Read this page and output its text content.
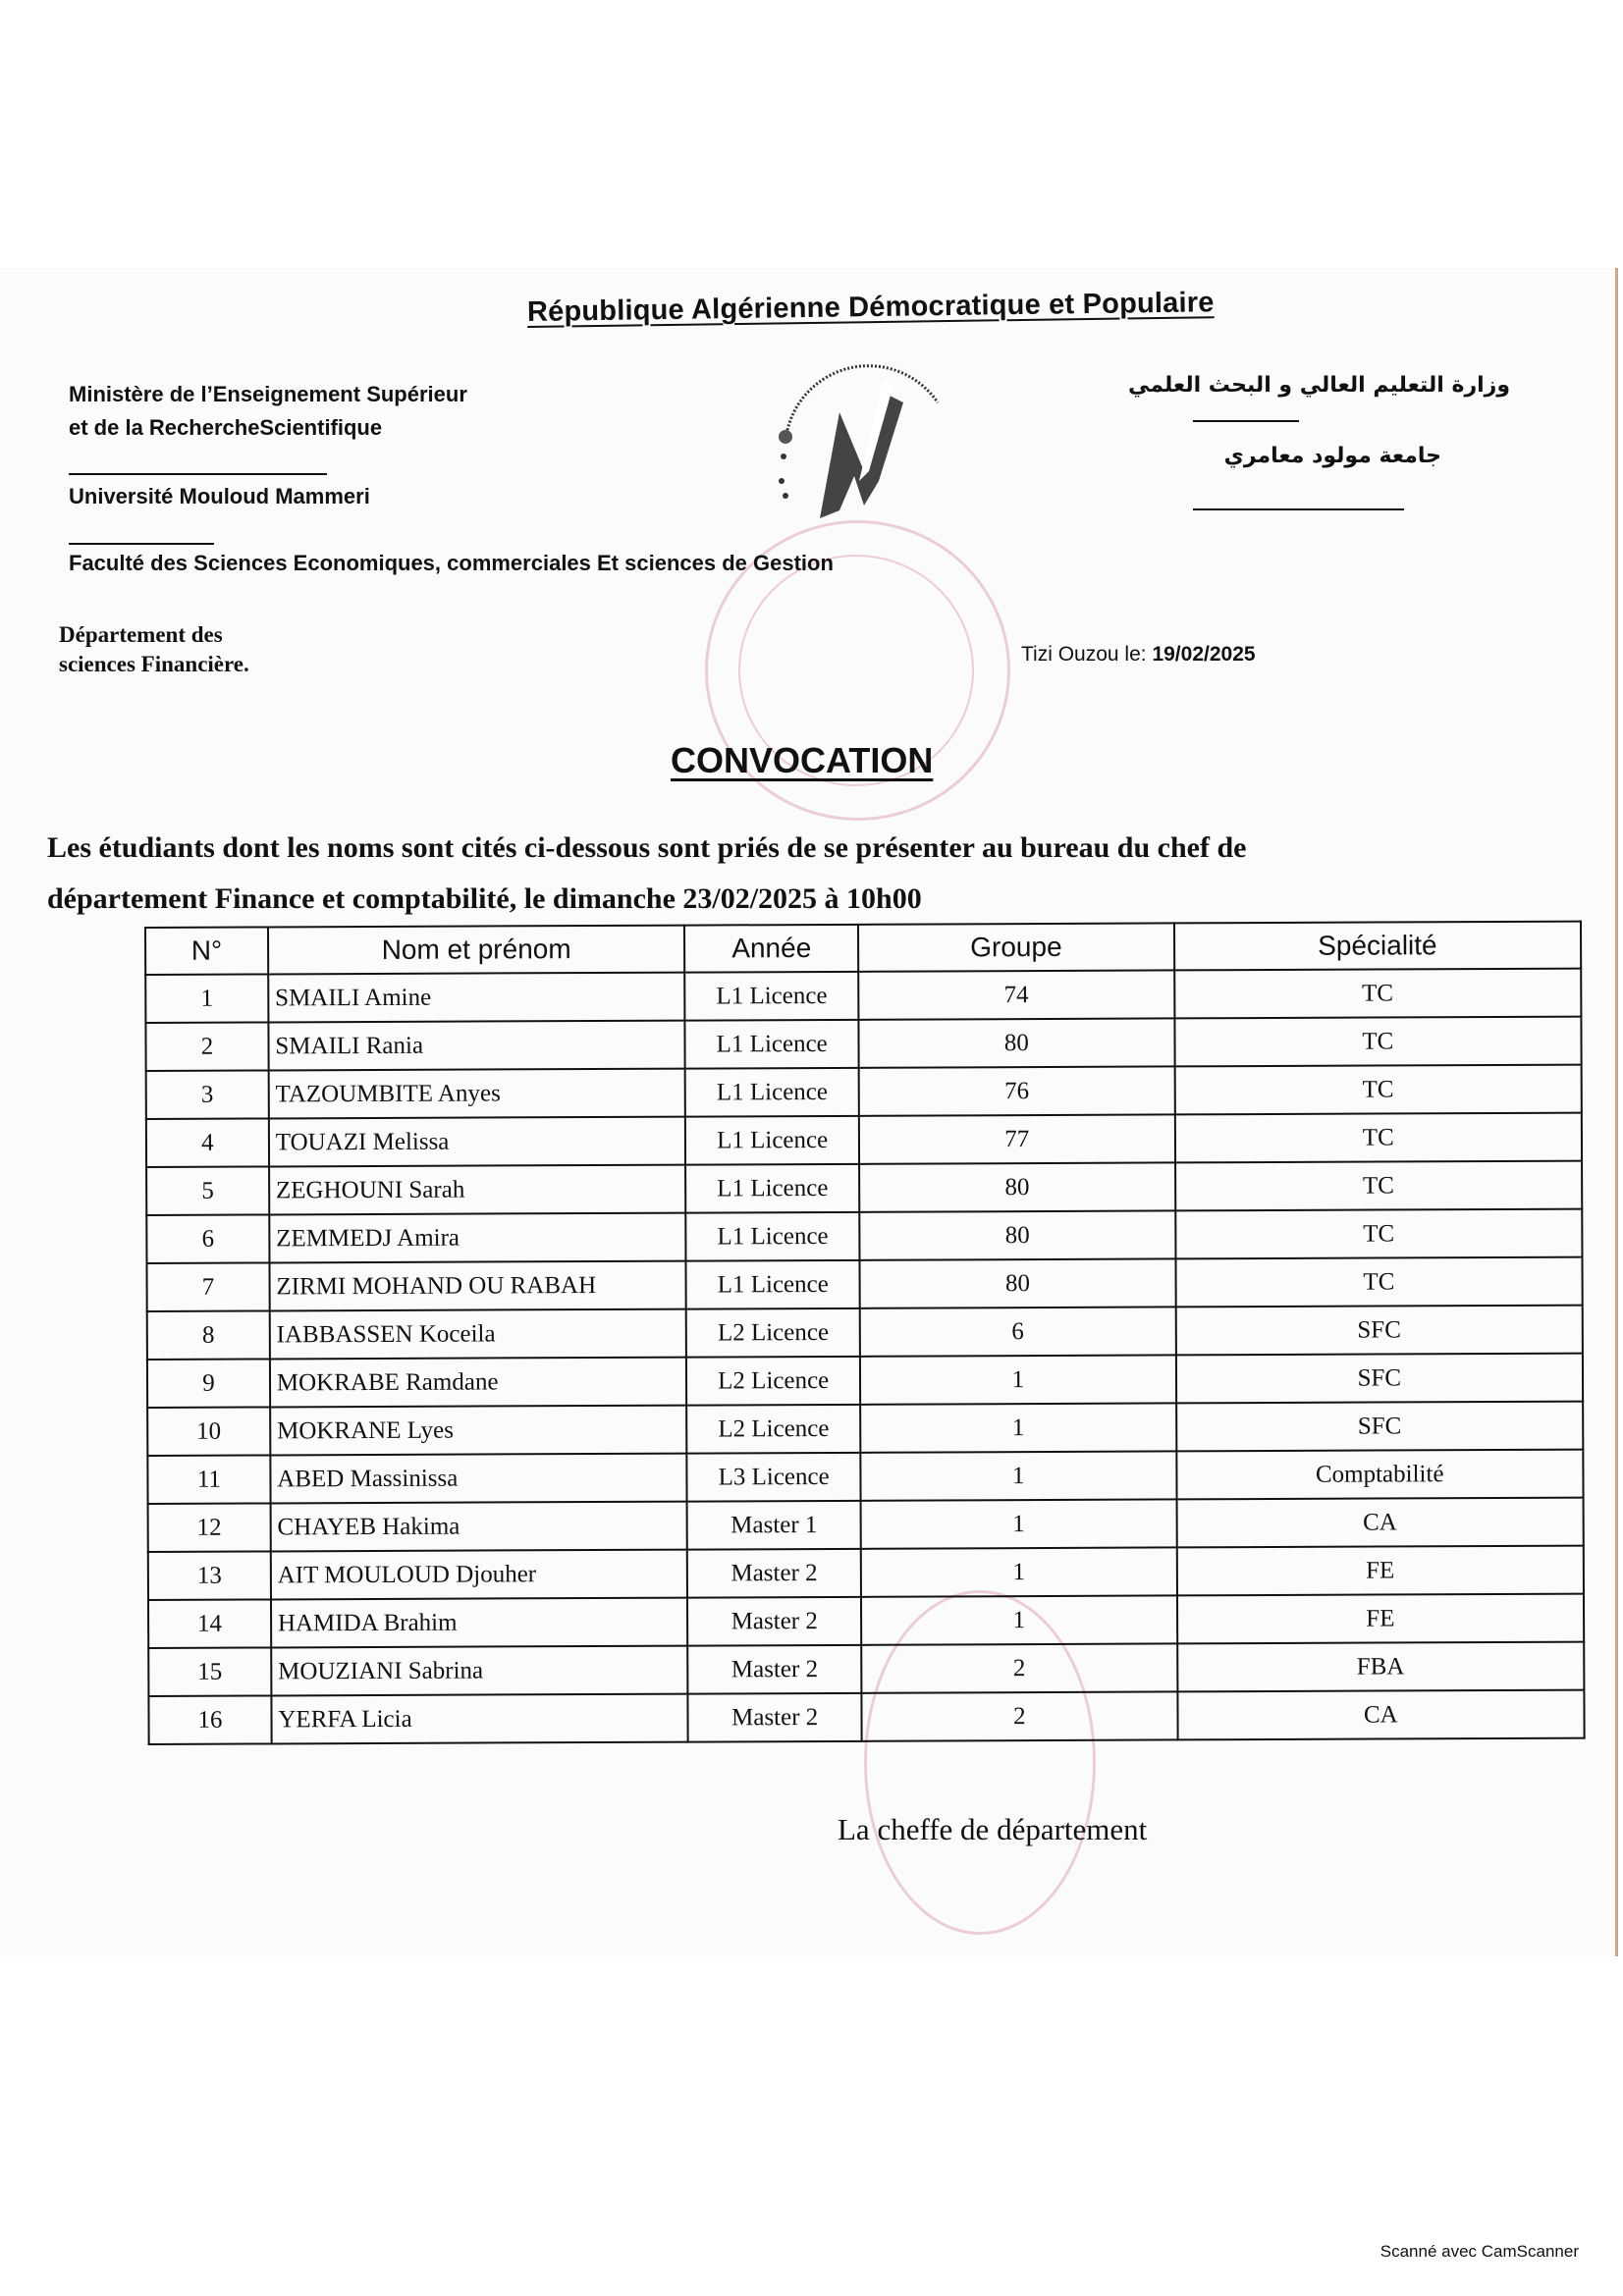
République Algérienne Démocratique et Populaire
Ministère de l’Enseignement Supérieur
et de la RechercheScientifique
Université Mouloud Mammeri
Faculté des Sciences Economiques, commerciales Et sciences de Gestion
وزارة التعليم العالي و البحث العلمي
جامعة مولود معامري
Département des
sciences Financière.	Tizi Ouzou le: 19/02/2025
CONVOCATION
Les étudiants dont les noms sont cités ci-dessous sont priés de se présenter au bureau du chef de
département Finance et comptabilité, le dimanche 23/02/2025 à 10h00
N°	Nom et prénom	Année	Groupe	Spécialité
1	SMAILI Amine	L1 Licence	74	TC
2	SMAILI Rania	L1 Licence	80	TC
3	TAZOUMBITE Anyes	L1 Licence	76	TC
4	TOUAZI Melissa	L1 Licence	77	TC
5	ZEGHOUNI Sarah	L1 Licence	80	TC
6	ZEMMEDJ Amira	L1 Licence	80	TC
7	ZIRMI MOHAND OU RABAH	L1 Licence	80	TC
8	IABBASSEN Koceila	L2 Licence	6	SFC
9	MOKRABE Ramdane	L2 Licence	1	SFC
10	MOKRANE Lyes	L2 Licence	1	SFC
11	ABED Massinissa	L3 Licence	1	Comptabilité
12	CHAYEB Hakima	Master 1	1	CA
13	AIT MOULOUD Djouher	Master 2	1	FE
14	HAMIDA Brahim	Master 2	1	FE
15	MOUZIANI Sabrina	Master 2	2	FBA
16	YERFA Licia	Master 2	2	CA
La cheffe de département
Scanné avec CamScanner
